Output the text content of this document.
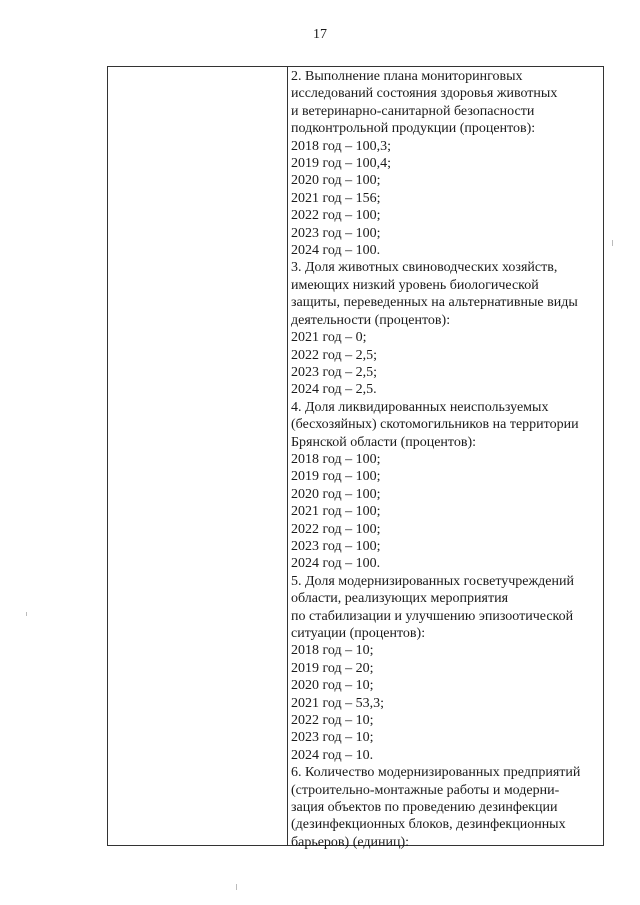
17
2. Выполнение плана мониторинговых
исследований состояния здоровья животных
и ветеринарно-санитарной безопасности
подконтрольной продукции (процентов):
2018 год – 100,3;
2019 год – 100,4;
2020 год – 100;
2021 год – 156;
2022 год – 100;
2023 год – 100;
2024 год – 100.
3. Доля животных свиноводческих хозяйств,
имеющих низкий уровень биологической
защиты, переведенных на альтернативные виды
деятельности (процентов):
2021 год – 0;
2022 год – 2,5;
2023 год – 2,5;
2024 год – 2,5.
4. Доля ликвидированных неиспользуемых
(бесхозяйных) скотомогильников на территории
Брянской области (процентов):
2018 год – 100;
2019 год – 100;
2020 год – 100;
2021 год – 100;
2022 год – 100;
2023 год – 100;
2024 год – 100.
5. Доля модернизированных госветучреждений
области, реализующих мероприятия
по стабилизации и улучшению эпизоотической
ситуации (процентов):
2018 год – 10;
2019 год – 20;
2020 год – 10;
2021 год – 53,3;
2022 год – 10;
2023 год – 10;
2024 год – 10.
6. Количество модернизированных предприятий
(строительно-монтажные работы и модерни-
зация объектов по проведению дезинфекции
(дезинфекционных блоков, дезинфекционных
барьеров) (единиц):
